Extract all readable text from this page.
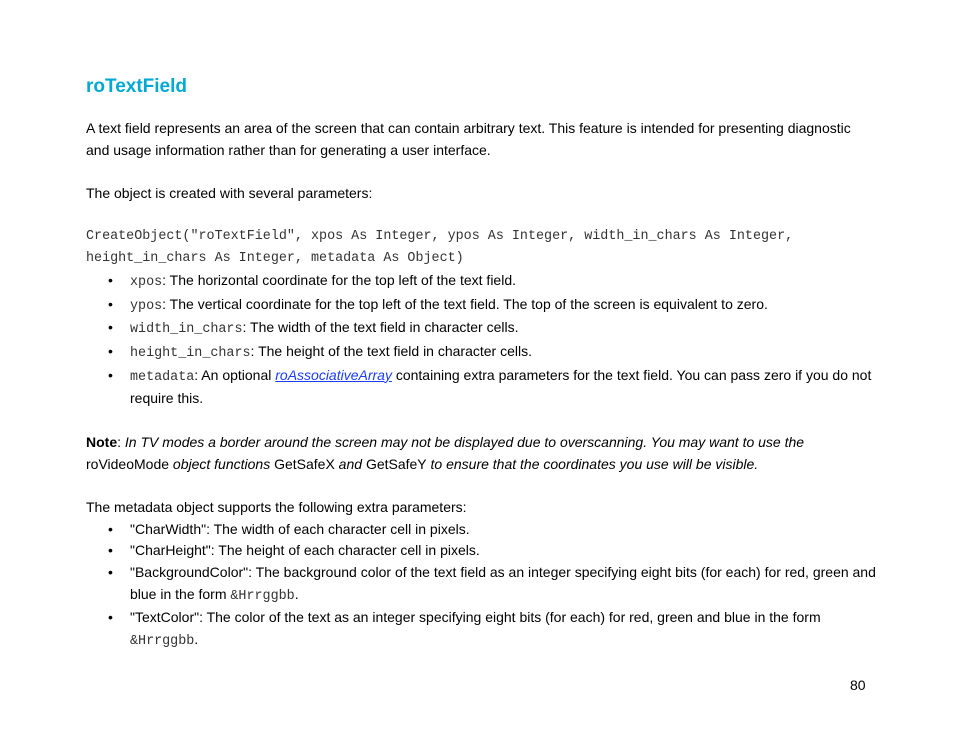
roTextField

A text field represents an area of the screen that can contain arbitrary text. This feature is intended for presenting diagnostic and usage information rather than for generating a user interface.

The object is created with several parameters:

CreateObject("roTextField", xpos As Integer, ypos As Integer, width_in_chars As Integer,
height_in_chars As Integer, metadata As Object)
• xpos: The horizontal coordinate for the top left of the text field.
• ypos: The vertical coordinate for the top left of the text field. The top of the screen is equivalent to zero.
• width_in_chars: The width of the text field in character cells.
• height_in_chars: The height of the text field in character cells.
• metadata: An optional roAssociativeArray containing extra parameters for the text field. You can pass zero if you do not require this.

Note: In TV modes a border around the screen may not be displayed due to overscanning. You may want to use the
roVideoMode object functions GetSafeX and GetSafeY to ensure that the coordinates you use will be visible.

The metadata object supports the following extra parameters:

• "CharWidth": The width of each character cell in pixels.
• "CharHeight": The height of each character cell in pixels.
• "BackgroundColor": The background color of the text field as an integer specifying eight bits (for each) for red, green and blue in the form &Hrrggbb.
• "TextColor": The color of the text as an integer specifying eight bits (for each) for red, green and blue in the form
&Hrrggbb.
80
